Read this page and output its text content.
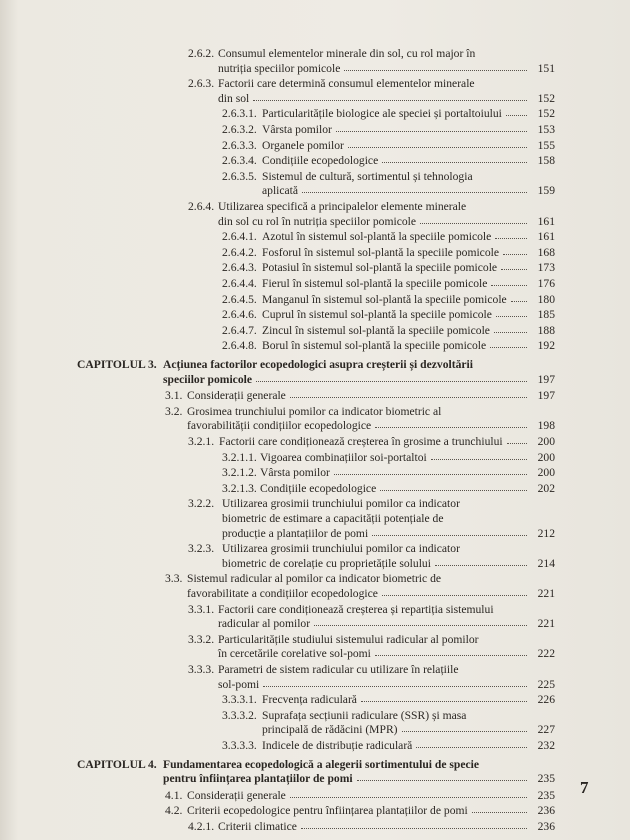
2.6.2. Consumul elementelor minerale din sol, cu rol major în
nutriția speciilor pomicole	151
2.6.3. Factorii care determină consumul elementelor minerale
din sol	152
2.6.3.1. Particularitățile biologice ale speciei și portaltoiului	152
2.6.3.2. Vârsta pomilor	153
2.6.3.3. Organele pomilor	155
2.6.3.4. Condițiile ecopedologice	158
2.6.3.5. Sistemul de cultură, sortimentul și tehnologia
aplicată	159
2.6.4. Utilizarea specifică a principalelor elemente minerale
din sol cu rol în nutriția speciilor pomicole	161
2.6.4.1. Azotul în sistemul sol-plantă la speciile pomicole	161
2.6.4.2. Fosforul în sistemul sol-plantă la speciile pomicole	168
2.6.4.3. Potasiul în sistemul sol-plantă la speciile pomicole	173
2.6.4.4. Fierul în sistemul sol-plantă la speciile pomicole	176
2.6.4.5. Manganul în sistemul sol-plantă la speciile pomicole	180
2.6.4.6. Cuprul în sistemul sol-plantă la speciile pomicole	185
2.6.4.7. Zincul în sistemul sol-plantă la speciile pomicole	188
2.6.4.8. Borul în sistemul sol-plantă la speciile pomicole	192
CAPITOLUL 3. Acțiunea factorilor ecopedologici asupra creșterii și dezvoltării
speciilor pomicole	197
3.1. Considerații generale	197
3.2. Grosimea trunchiului pomilor ca indicator biometric al
favorabilității condițiilor ecopedologice	198
3.2.1. Factorii care condiționează creșterea în grosime a trunchiului	200
3.2.1.1. Vigoarea combinațiilor soi-portaltoi	200
3.2.1.2. Vârsta pomilor	200
3.2.1.3. Condițiile ecopedologice	202
3.2.2. Utilizarea grosimii trunchiului pomilor ca indicator
biometric de estimare a capacității potențiale de
producție a plantațiilor de pomi	212
3.2.3. Utilizarea grosimii trunchiului pomilor ca indicator
biometric de corelație cu proprietățile solului	214
3.3. Sistemul radicular al pomilor ca indicator biometric de
favorabilitate a condițiilor ecopedologice	221
3.3.1. Factorii care condiționează creșterea și repartiția sistemului
radicular al pomilor	221
3.3.2. Particularitățile studiului sistemului radicular al pomilor
în cercetările corelative sol-pomi	222
3.3.3. Parametri de sistem radicular cu utilizare în relațiile
sol-pomi	225
3.3.3.1. Frecvența radiculară	226
3.3.3.2. Suprafața secțiunii radiculare (SSR) și masa
principală de rădăcini (MPR)	227
3.3.3.3. Indicele de distribuție radiculară	232
CAPITOLUL 4. Fundamentarea ecopedologică a alegerii sortimentului de specie
pentru înființarea plantațiilor de pomi	235
4.1. Considerații generale	235
4.2. Criterii ecopedologice pentru înființarea plantațiilor de pomi	236
4.2.1. Criterii climatice	236
7
